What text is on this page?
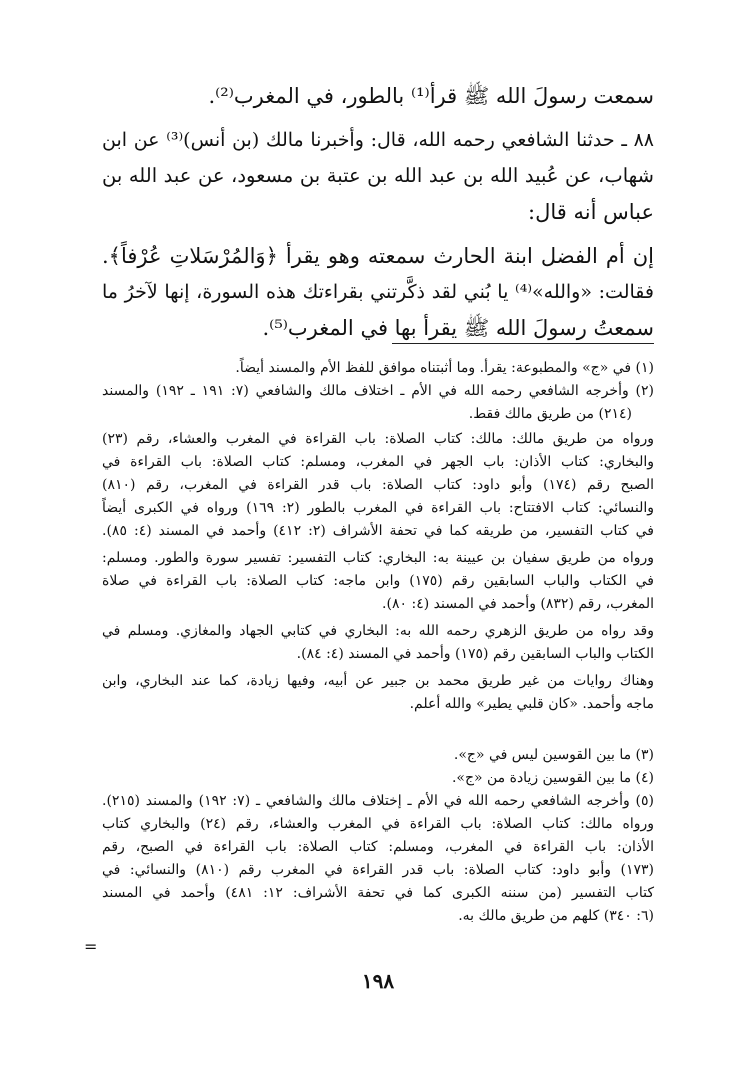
سمعت رسولَ الله ﷺ قرأ⁽¹⁾ بالطور، في المغرب⁽²⁾.
٨٨ ـ حدثنا الشافعي رحمه الله، قال: وأخبرنا مالك (بن أنس)⁽³⁾ عن ابن
شهاب، عن عُبيد الله بن عبد الله بن عتبة بن مسعود، عن عبد الله بن
عباس أنه قال:
إن أم الفضل ابنة الحارث سمعته وهو يقرأ ﴿وَالمُرْسَلاتِ عُرْفاً﴾.
فقالت: «والله»⁽⁴⁾ يا بُني لقد ذكَّرتني بقراءتك هذه السورة، إنها لآخرُ ما
سمعتُ رسولَ الله ﷺ يقرأ بها في المغرب⁽⁵⁾.
(١) في «ج» والمطبوعة: يقرأ. وما أثبتناه موافق للفظ الأم والمسند أيضاً.
(٢) وأخرجه الشافعي رحمه الله في الأم ـ اختلاف مالك والشافعي (٧: ١٩١ ـ ١٩٢) والمسند
(٢١٤) من طريق مالك فقط.
ورواه من طريق مالك: مالك: كتاب الصلاة: باب القراءة في المغرب والعشاء، رقم (٢٣)
والبخاري: كتاب الأذان: باب الجهر في المغرب، ومسلم: كتاب الصلاة: باب القراءة في
الصبح رقم (١٧٤) وأبو داود: كتاب الصلاة: باب قدر القراءة في المغرب، رقم (٨١٠)
والنسائي: كتاب الافتتاح: باب القراءة في المغرب بالطور (٢: ١٦٩) ورواه في الكبرى أيضاً
في كتاب التفسير، من طريقه كما في تحفة الأشراف (٢: ٤١٢) وأحمد في المسند (٤: ٨٥).
ورواه من طريق سفيان بن عيينة به: البخاري: كتاب التفسير: تفسير سورة والطور. ومسلم:
في الكتاب والباب السابقين رقم (١٧٥) وابن ماجه: كتاب الصلاة: باب القراءة في صلاة
المغرب، رقم (٨٣٢) وأحمد في المسند (٤: ٨٠).
وقد رواه من طريق الزهري رحمه الله به: البخاري في كتابي الجهاد والمغازي. ومسلم في
الكتاب والباب السابقين رقم (١٧٥) وأحمد في المسند (٤: ٨٤).
وهناك روايات من غير طريق محمد بن جبير عن أبيه، وفيها زيادة، كما عند البخاري، وابن
ماجه وأحمد. «كان قلبي يطير» والله أعلم.
(٣) ما بين القوسين ليس في «ج».
(٤) ما بين القوسين زيادة من «ج».
(٥) وأخرجه الشافعي رحمه الله في الأم ـ إختلاف مالك والشافعي ـ (٧: ١٩٢) والمسند (٢١٥).
ورواه مالك: كتاب الصلاة: باب القراءة في المغرب والعشاء، رقم (٢٤) والبخاري كتاب
الأذان: باب القراءة في المغرب، ومسلم: كتاب الصلاة: باب القراءة في الصبح، رقم
(١٧٣) وأبو داود: كتاب الصلاة: باب قدر القراءة في المغرب رقم (٨١٠) والنسائي: في
كتاب التفسير (من سننه الكبرى كما في تحفة الأشراف: ١٢: ٤٨١) وأحمد في المسند
(٦: ٣٤٠) كلهم من طريق مالك به.
=
١٩٨
